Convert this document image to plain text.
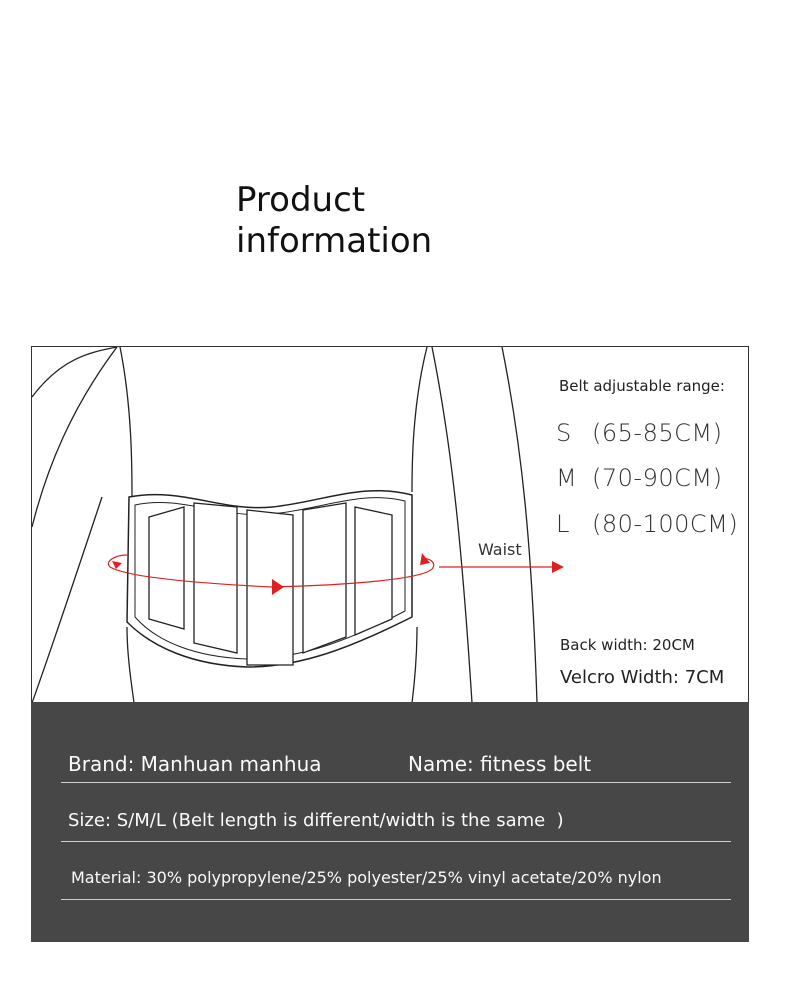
Product
information
Belt adjustable range:
S (65-85CM)
M (70-90CM)
L (80-100CM)
Waist
Back width: 20CM
Velcro Width: 7CM
Brand: Manhuan manhua	Name: fitness belt
Size: S/M/L (Belt length is different/width is the same  )
Material: 30% polypropylene/25% polyester/25% vinyl acetate/20% nylon
